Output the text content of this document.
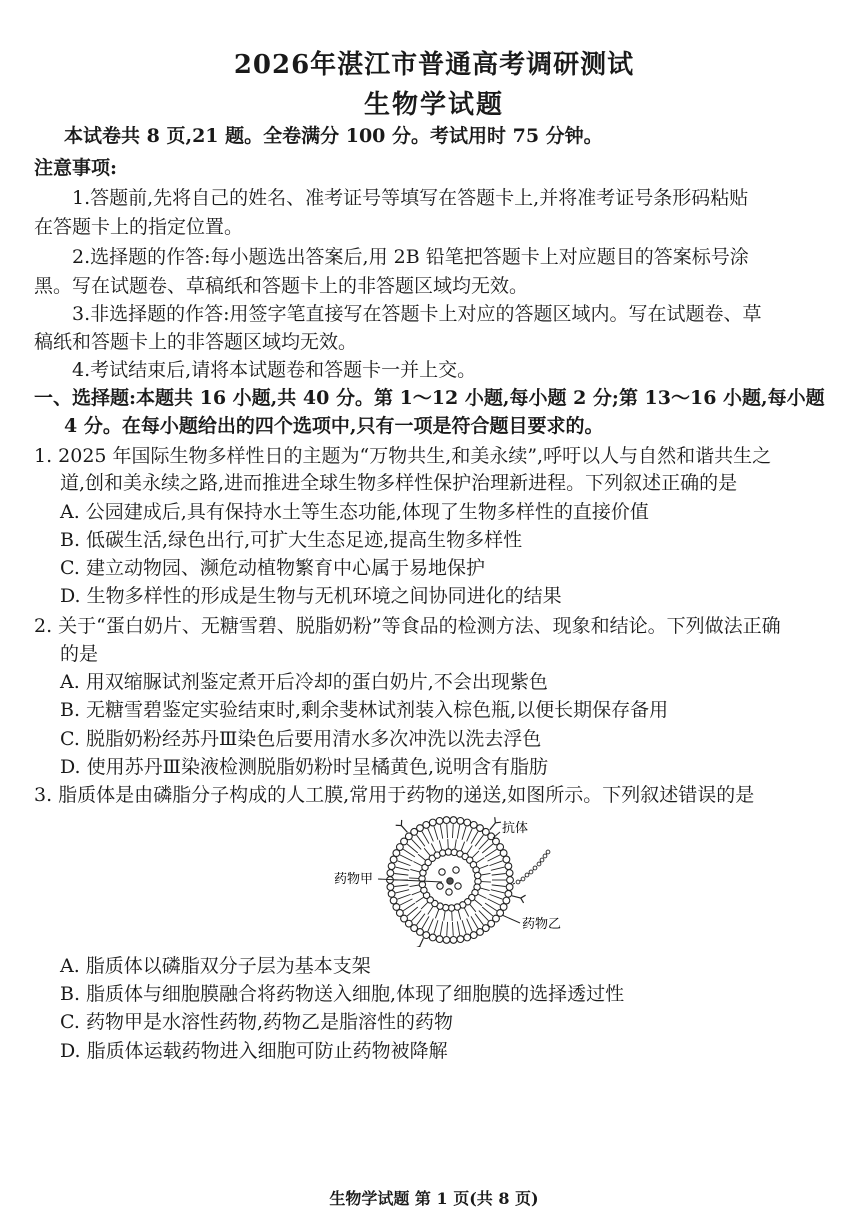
2026年湛江市普通高考调研测试
生物学试题
本试卷共 8 页,21 题。全卷满分 100 分。考试用时 75 分钟。
注意事项:
1.答题前,先将自己的姓名、准考证号等填写在答题卡上,并将准考证号条形码粘贴
在答题卡上的指定位置。
2.选择题的作答:每小题选出答案后,用 2B 铅笔把答题卡上对应题目的答案标号涂
黑。写在试题卷、草稿纸和答题卡上的非答题区域均无效。
3.非选择题的作答:用签字笔直接写在答题卡上对应的答题区域内。写在试题卷、草
稿纸和答题卡上的非答题区域均无效。
4.考试结束后,请将本试题卷和答题卡一并上交。
一、选择题:本题共 16 小题,共 40 分。第 1～12 小题,每小题 2 分;第 13～16 小题,每小题
4 分。在每小题给出的四个选项中,只有一项是符合题目要求的。
1. 2025 年国际生物多样性日的主题为“万物共生,和美永续”,呼吁以人与自然和谐共生之
道,创和美永续之路,进而推进全球生物多样性保护治理新进程。下列叙述正确的是
A. 公园建成后,具有保持水土等生态功能,体现了生物多样性的直接价值
B. 低碳生活,绿色出行,可扩大生态足迹,提高生物多样性
C. 建立动物园、濒危动植物繁育中心属于易地保护
D. 生物多样性的形成是生物与无机环境之间协同进化的结果
2. 关于“蛋白奶片、无糖雪碧、脱脂奶粉”等食品的检测方法、现象和结论。下列做法正确
的是
A. 用双缩脲试剂鉴定煮开后冷却的蛋白奶片,不会出现紫色
B. 无糖雪碧鉴定实验结束时,剩余斐林试剂装入棕色瓶,以便长期保存备用
C. 脱脂奶粉经苏丹Ⅲ染色后要用清水多次冲洗以洗去浮色
D. 使用苏丹Ⅲ染液检测脱脂奶粉时呈橘黄色,说明含有脂肪
3. 脂质体是由磷脂分子构成的人工膜,常用于药物的递送,如图所示。下列叙述错误的是
抗体
药物甲
药物乙
A. 脂质体以磷脂双分子层为基本支架
B. 脂质体与细胞膜融合将药物送入细胞,体现了细胞膜的选择透过性
C. 药物甲是水溶性药物,药物乙是脂溶性的药物
D. 脂质体运载药物进入细胞可防止药物被降解
生物学试题 第 1 页(共 8 页)
